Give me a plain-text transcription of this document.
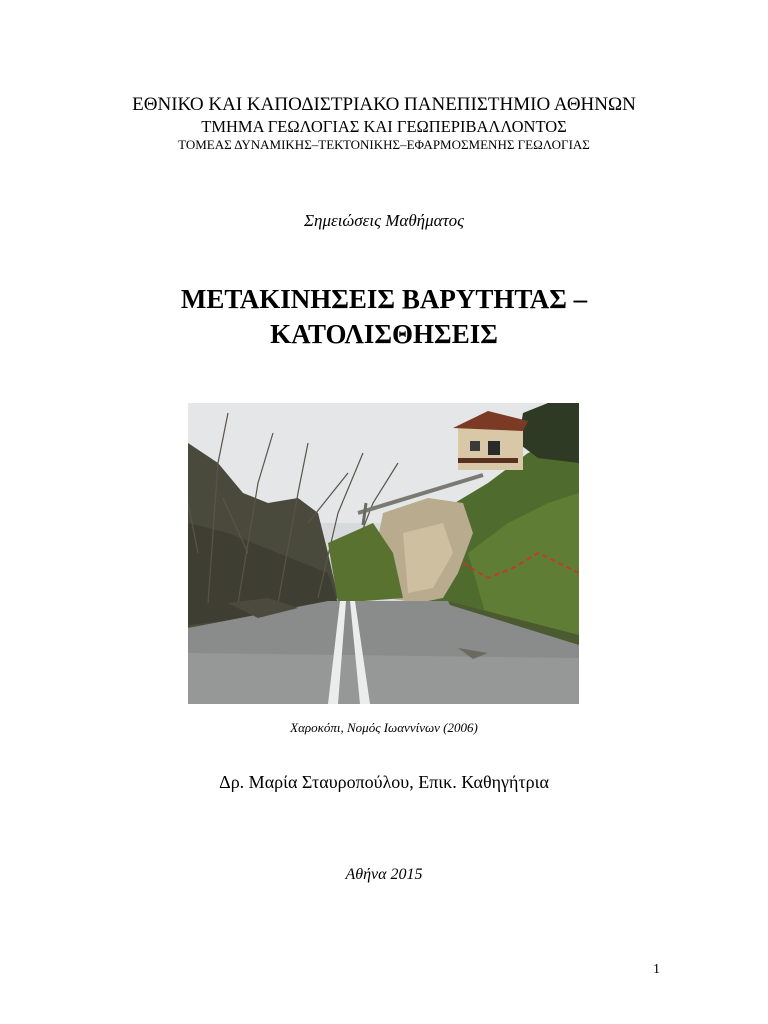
ΕΘΝΙΚΟ ΚΑΙ ΚΑΠΟΔΙΣΤΡΙΑΚΟ ΠΑΝΕΠΙΣΤΗΜΙΟ ΑΘΗΝΩΝ
ΤΜΗΜΑ ΓΕΩΛΟΓΙΑΣ ΚΑΙ ΓΕΩΠΕΡΙΒΑΛΛΟΝΤΟΣ
ΤΟΜΕΑΣ ΔΥΝΑΜΙΚΗΣ–ΤΕΚΤΟΝΙΚΗΣ–ΕΦΑΡΜΟΣΜΕΝΗΣ ΓΕΩΛΟΓΙΑΣ
Σημειώσεις Μαθήματος
ΜΕΤΑΚΙΝΗΣΕΙΣ ΒΑΡΥΤΗΤΑΣ –
ΚΑΤΟΛΙΣΘΗΣΕΙΣ
Χαροκόπι, Νομός Ιωαννίνων (2006)
Δρ. Μαρία Σταυροπούλου, Επικ. Καθηγήτρια
Αθήνα 2015
1
